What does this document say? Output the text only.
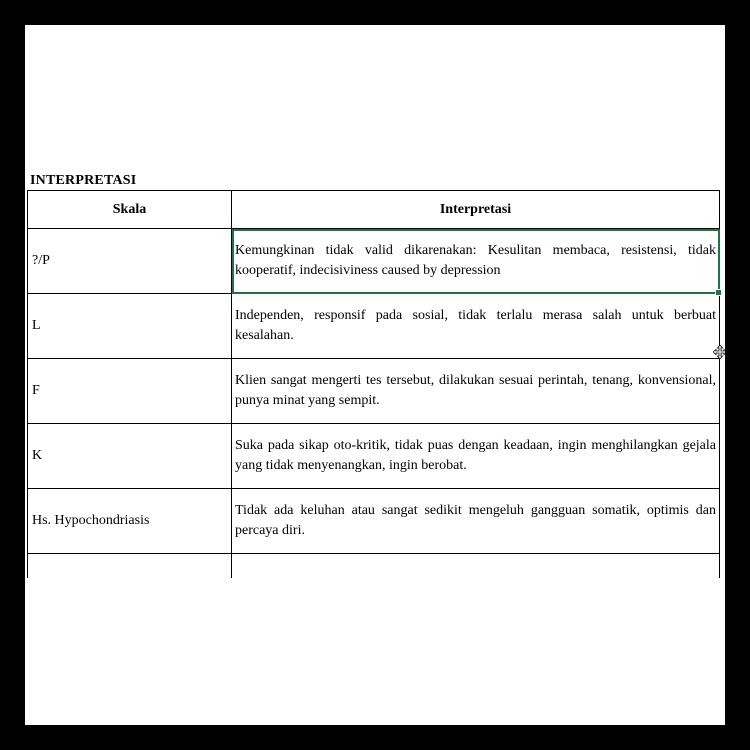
INTERPRETASI
Skala	Interpretasi
?/P	Kemungkinan tidak valid dikarenakan: Kesulitan membaca, resistensi, tidak kooperatif, indecisiviness caused by depression

L	Independen, responsif pada sosial, tidak terlalu merasa salah untuk berbuat kesalahan.
F	Klien sangat mengerti tes tersebut, dilakukan sesuai perintah, tenang, konvensional, punya minat yang sempit.
K	Suka pada sikap oto-kritik, tidak puas dengan keadaan, ingin menghilangkan gejala yang tidak menyenangkan, ingin berobat.
Hs. Hypochondriasis	Tidak ada keluhan atau sangat sedikit mengeluh gangguan somatik, optimis dan percaya diri.
